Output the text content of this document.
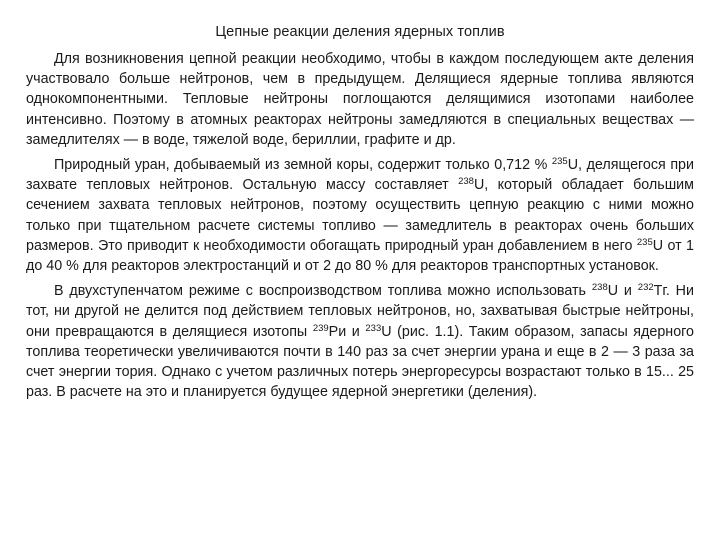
Цепные реакции деления ядерных топлив

Для возникновения цепной реакции необходимо, чтобы в каждом последующем акте деления участвовало больше нейтронов, чем в предыдущем. Делящиеся ядерные топлива являются однокомпонентными. Тепловые нейтроны поглощаются делящимися изотопами наиболее интенсивно. Поэтому в атомных реакторах нейтроны замедляются в специальных веществах — замедлителях — в воде, тяжелой воде, бериллии, графите и др.

Природный уран, добываемый из земной коры, содержит только 0,712 % $^{235}$U, делящегося при захвате тепловых нейтронов. Остальную массу составляет $^{238}$U, который обладает большим сечением захвата тепловых нейтронов, поэтому осуществить цепную реакцию с ними можно только при тщательном расчете системы топливо — замедлитель в реакторах очень больших размеров. Это приводит к необходимости обогащать природный уран добавлением в него $^{235}$U от 1 до 40 % для реакторов электростанций и от 2 до 80 % для реакторов транспортных установок.

В двухступенчатом режиме с воспроизводством топлива можно использовать $^{238}$U и $^{232}$Тг. Ни тот, ни другой не делится под действием тепловых нейтронов, но, захватывая быстрые нейтроны, они превращаются в делящиеся изотопы $^{239}$Ри и $^{233}$U (рис. 1.1). Таким образом, запасы ядерного топлива теоретически увеличиваются почти в 140 раз за счет энергии урана и еще в 2 — 3 раза за счет энергии тория. Однако с учетом различных потерь энергоресурсы возрастают только в 15... 25 раз. В расчете на это и планируется будущее ядерной энергетики (деления).
